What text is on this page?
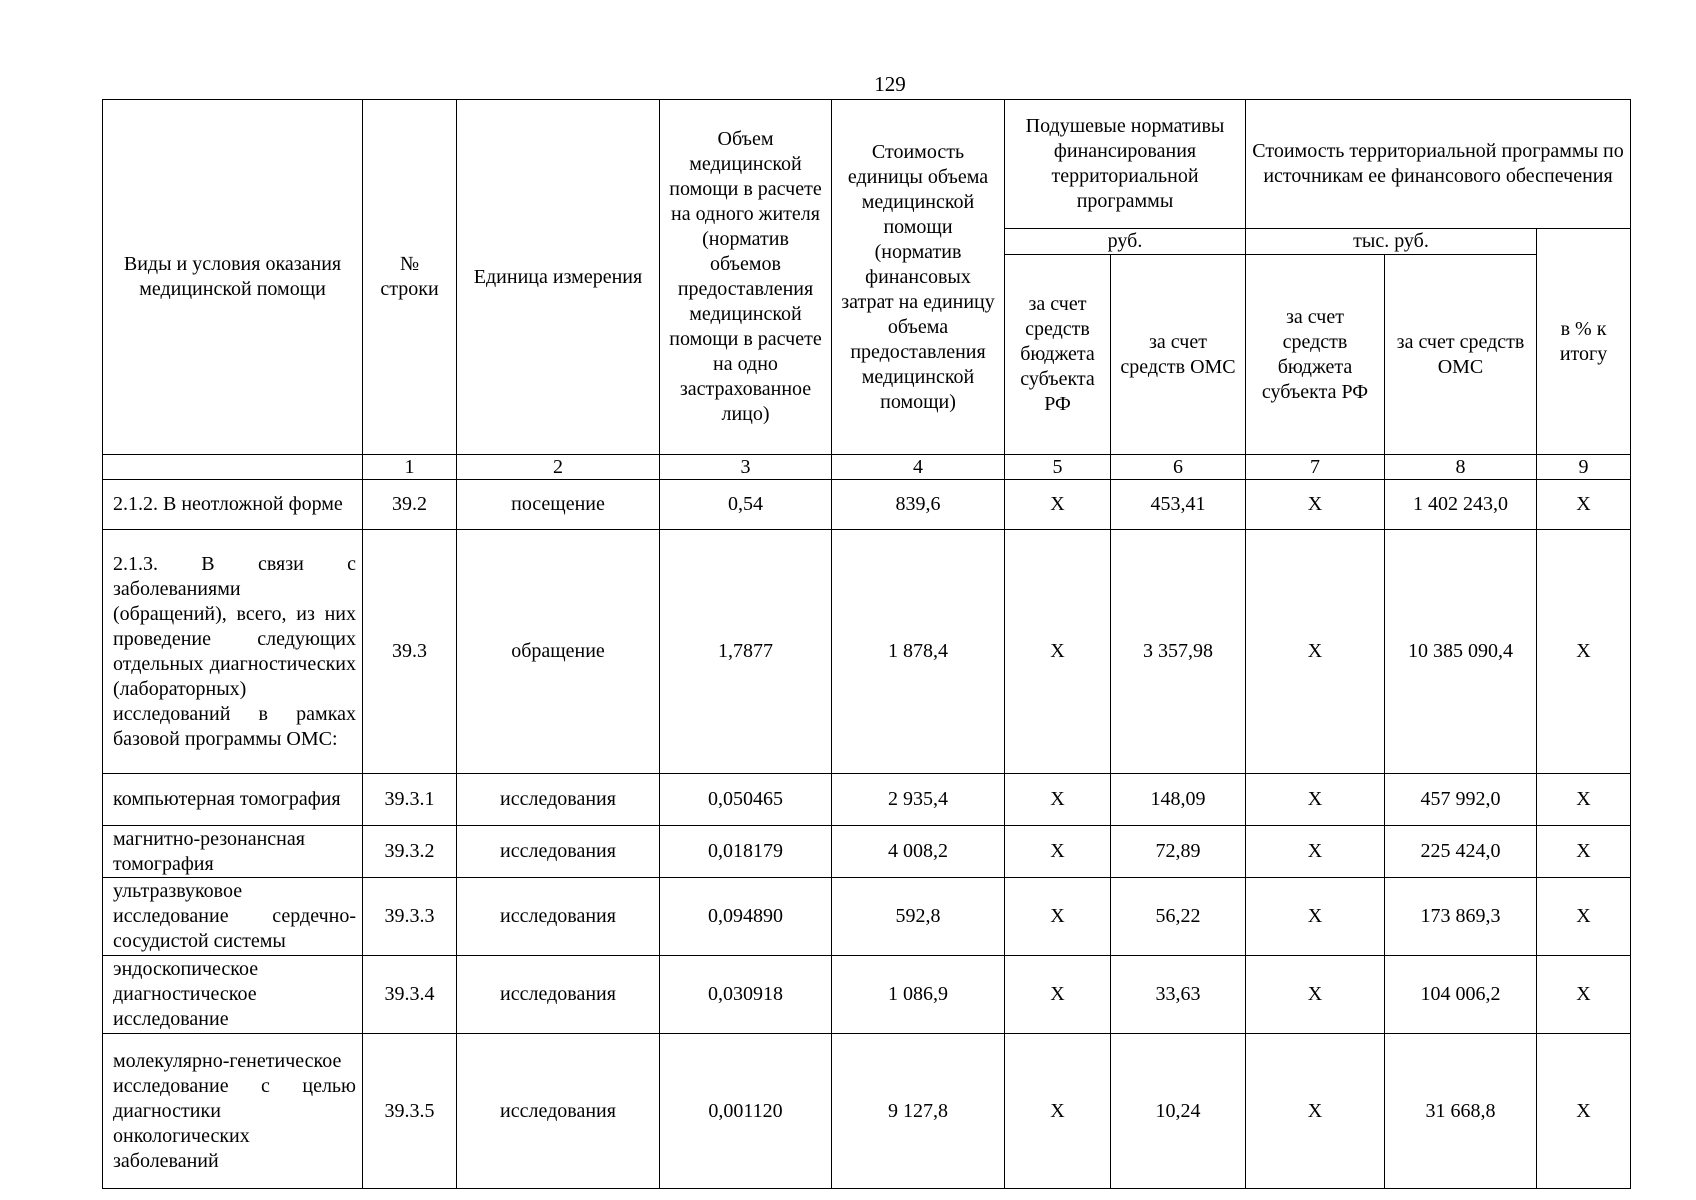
129
Виды и условия оказания медицинской помощи	№ строки	Единица измерения	Объем медицинской помощи в расчете на одного жителя (норматив объемов предоставления медицинской помощи в расчете на одно застрахованное лицо)	Стоимость единицы объема медицинской помощи (норматив финансовых затрат на единицу объема предоставления медицинской помощи)	Подушевые нормативы финансирования территориальной программы		Стоимость территориальной программы по источникам ее финансового обеспечения		
					руб.		тыс. руб.		в % к итогу
					за счет средств бюджета субъекта РФ	за счет средств ОМС	за счет средств бюджета субъекта РФ	за счет средств ОМС	
	1	2	3	4	5	6	7	8	9
2.1.2. В неотложной форме	39.2	посещение	0,54	839,6	X	453,41	X	1 402 243,0	X
2.1.3. В связи с заболеваниями (обращений), всего, из них проведение следующих отдельных диагностических (лабораторных) исследований в рамках базовой программы ОМС:	39.3	обращение	1,7877	1 878,4	X	3 357,98	X	10 385 090,4	X
компьютерная томография	39.3.1	исследования	0,050465	2 935,4	X	148,09	X	457 992,0	X
магнитно-резонансная томография	39.3.2	исследования	0,018179	4 008,2	X	72,89	X	225 424,0	X
ультразвуковое исследование сердечно-сосудистой системы	39.3.3	исследования	0,094890	592,8	X	56,22	X	173 869,3	X
эндоскопическое диагностическое исследование	39.3.4	исследования	0,030918	1 086,9	X	33,63	X	104 006,2	X
молекулярно-генетическое исследование с целью диагностики онкологических заболеваний	39.3.5	исследования	0,001120	9 127,8	X	10,24	X	31 668,8	X
